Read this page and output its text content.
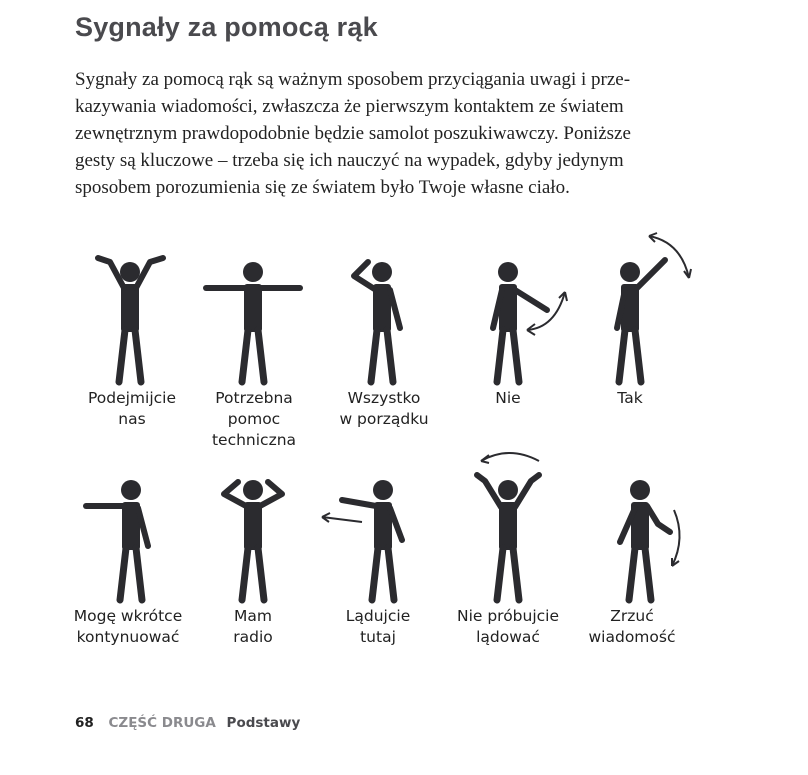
Sygnały za pomocą rąk
Sygnały za pomocą rąk są ważnym sposobem przyciągania uwagi i prze-
kazywania wiadomości, zwłaszcza że pierwszym kontaktem ze światem
zewnętrznym prawdopodobnie będzie samolot poszukiwawczy. Poniższe
gesty są kluczowe – trzeba się ich nauczyć na wypadek, gdyby jedynym
sposobem porozumienia się ze światem było Twoje własne ciało.
Podejmijcie
nas
Potrzebna
pomoc
techniczna
Wszystko
w porządku
Nie	Tak
Mogę wkrótce
kontynuować
Mam
radio
Lądujcie
tutaj
Nie próbujcie
lądować
Zrzuć
wiadomość
68 CZĘŚĆ DRUGA Podstawy
